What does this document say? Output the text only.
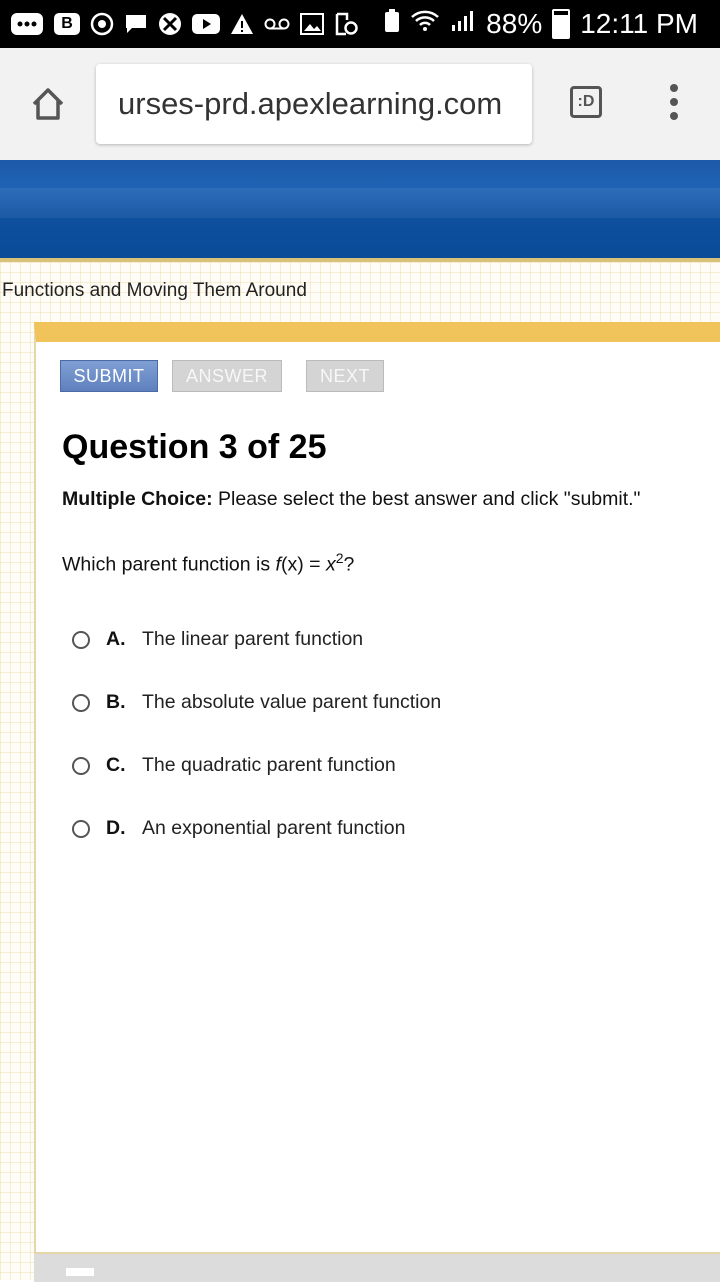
B	88% 12:11 PM
urses-prd.apexlearning.com	:D
Functions and Moving Them Around
SUBMIT	ANSWER	NEXT
Question 3 of 25
Multiple Choice: Please select the best answer and click "submit."
Which parent function is $f(x) = x^2$?
A. The linear parent function
B. The absolute value parent function
C. The quadratic parent function
D. An exponential parent function
